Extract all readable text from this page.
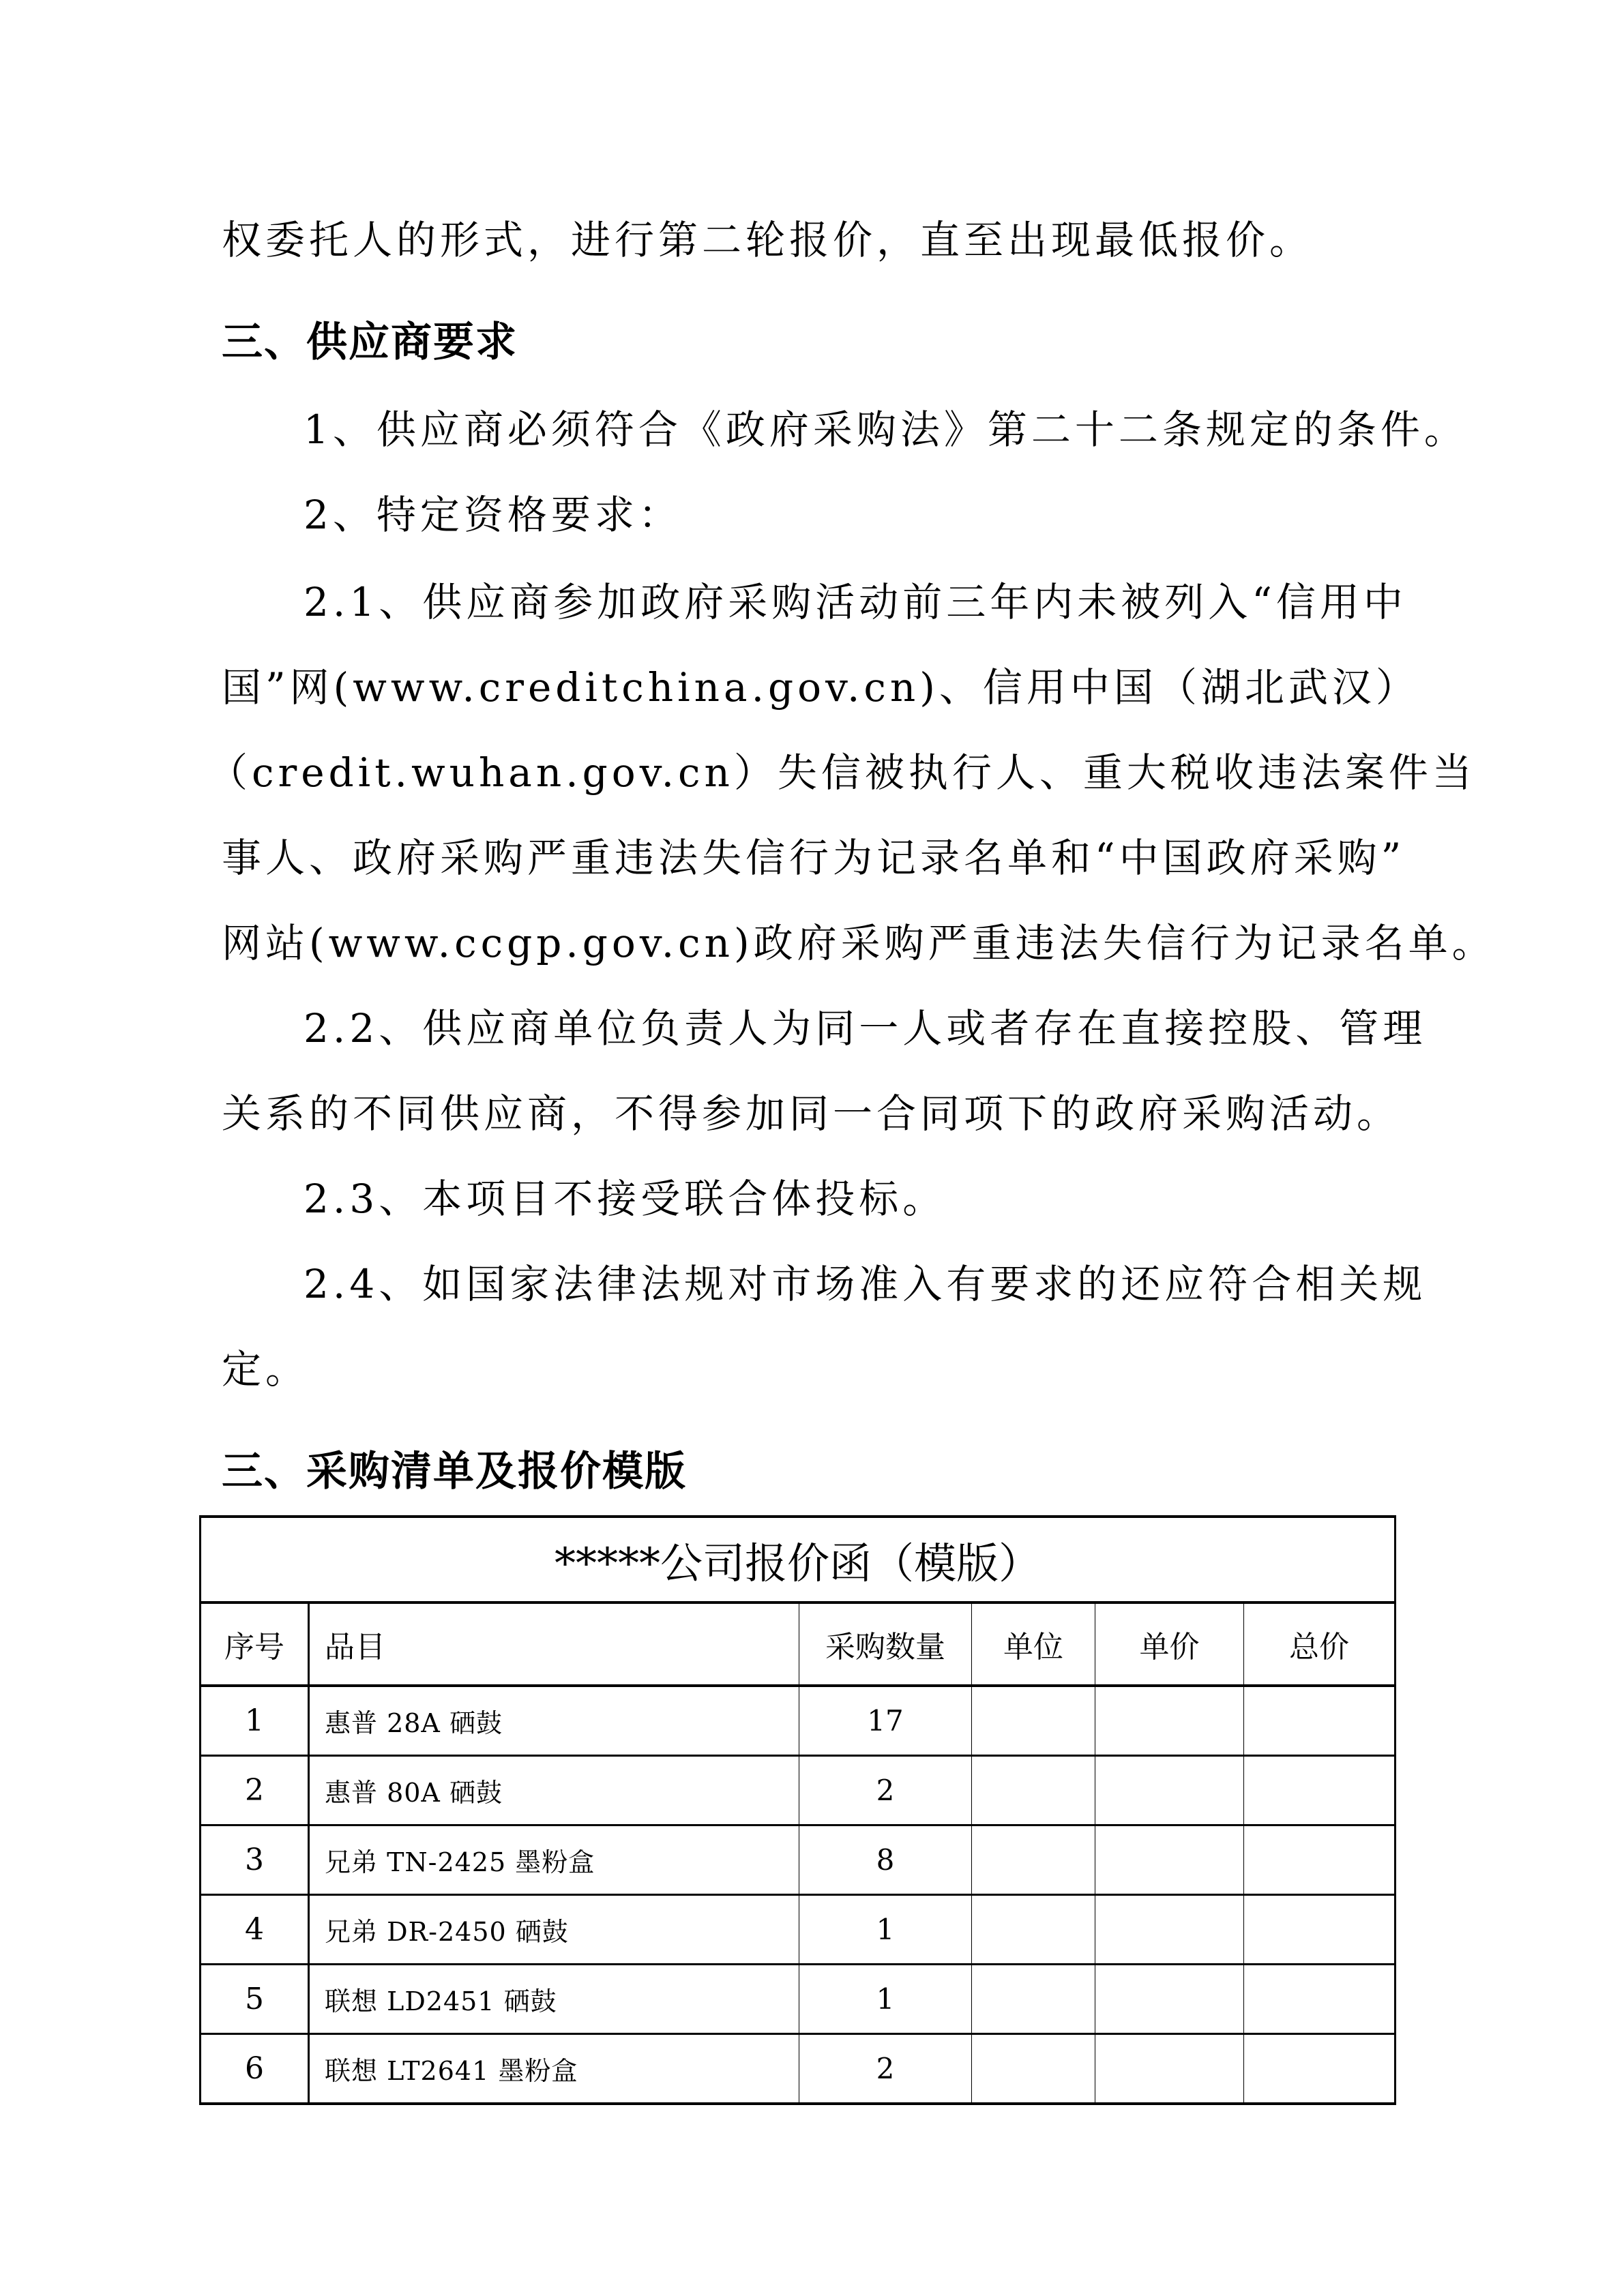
权委托人的形式，进行第二轮报价，直至出现最低报价。
三、供应商要求
1、供应商必须符合《政府采购法》第二十二条规定的条件。
2、特定资格要求：
2.1、供应商参加政府采购活动前三年内未被列入“信用中
国”网(www.creditchina.gov.cn)、信用中国（湖北武汉）
（credit.wuhan.gov.cn）失信被执行人、重大税收违法案件当
事人、政府采购严重违法失信行为记录名单和“中国政府采购”
网站(www.ccgp.gov.cn)政府采购严重违法失信行为记录名单。
2.2、供应商单位负责人为同一人或者存在直接控股、管理
关系的不同供应商，不得参加同一合同项下的政府采购活动。
2.3、本项目不接受联合体投标。
2.4、如国家法律法规对市场准入有要求的还应符合相关规
定。
三、采购清单及报价模版
*****公司报价函（模版）					
序号	品目	采购数量	单位	单价	总价
1	惠普 28A 硒鼓	17			
2	惠普 80A 硒鼓	2			
3	兄弟 TN-2425 墨粉盒	8			
4	兄弟 DR-2450 硒鼓	1			
5	联想 LD2451 硒鼓	1			
6	联想 LT2641 墨粉盒	2			
